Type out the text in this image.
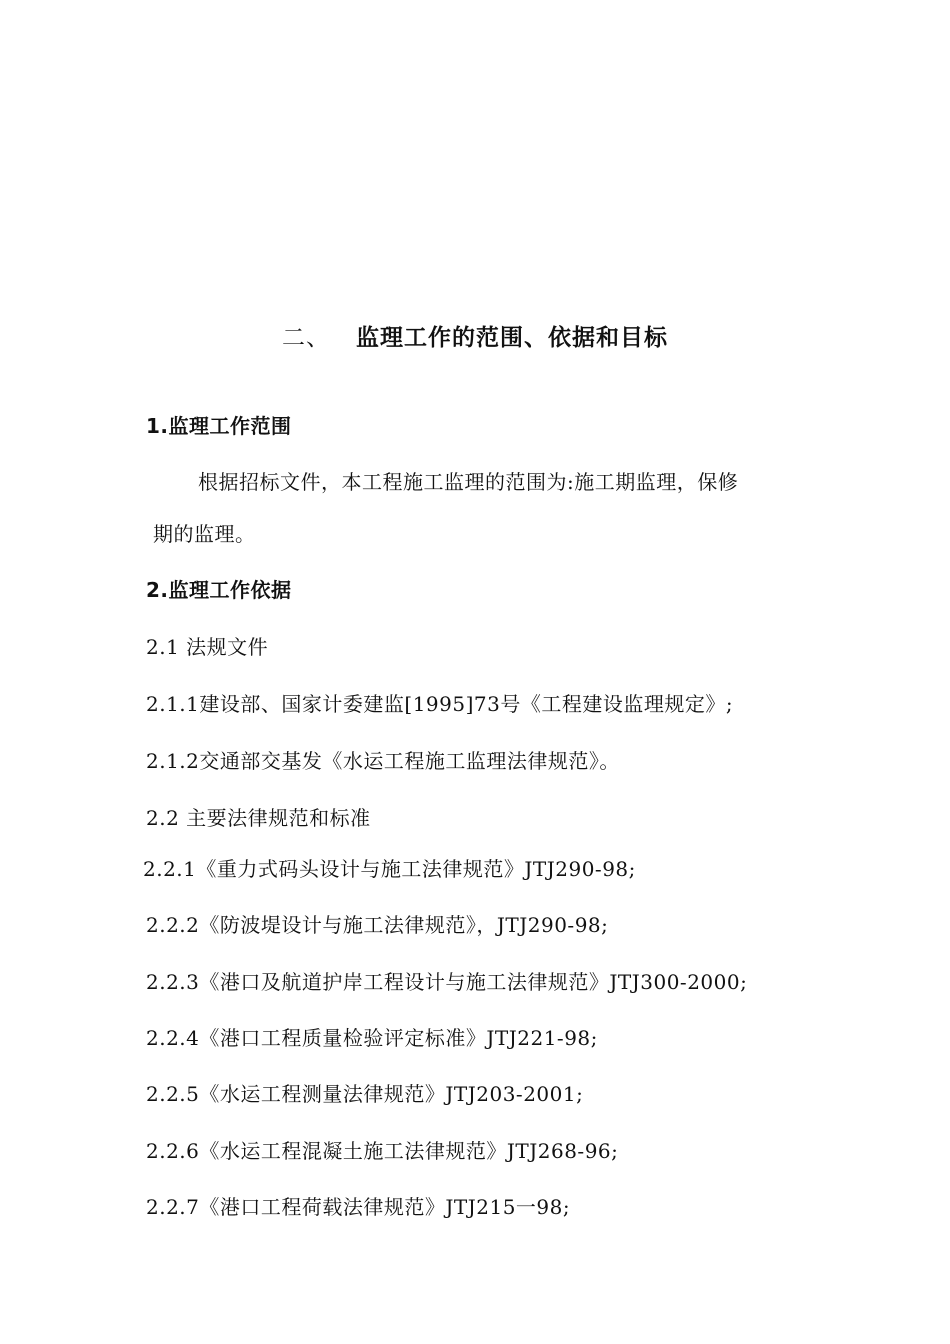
二、 监理工作的范围、依据和目标
1.监理工作范围
根据招标文件，本工程施工监理的范围为:施工期监理，保修
期的监理。
2.监理工作依据
2.1 法规文件
2.1.1建设部、国家计委建监[1995]73号《工程建设监理规定》;
2.1.2交通部交基发《水运工程施工监理法律规范》。
2.2 主要法律规范和标准
2.2.1《重力式码头设计与施工法律规范》JTJ290-98;
2.2.2《防波堤设计与施工法律规范》，JTJ290-98;
2.2.3《港口及航道护岸工程设计与施工法律规范》JTJ300-2000;
2.2.4《港口工程质量检验评定标准》JTJ221-98;
2.2.5《水运工程测量法律规范》JTJ203-2001;
2.2.6《水运工程混凝土施工法律规范》JTJ268-96;
2.2.7《港口工程荷载法律规范》JTJ215一98;
